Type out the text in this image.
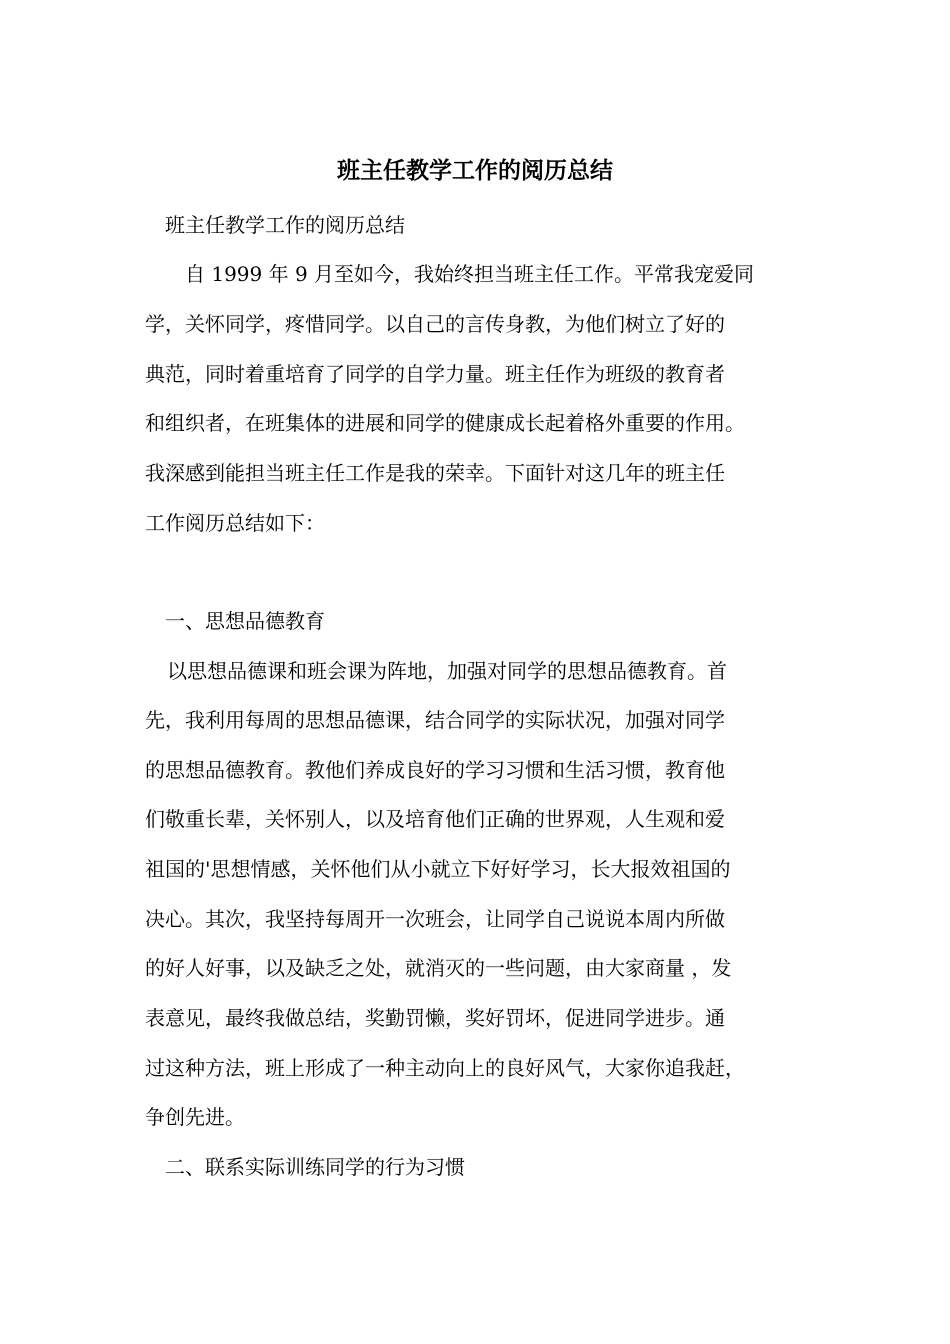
班主任教学工作的阅历总结
班主任教学工作的阅历总结
自 1999 年 9 月至如今，我始终担当班主任工作。平常我宠爱同
学，关怀同学，疼惜同学。以自己的言传身教，为他们树立了好的
典范，同时着重培育了同学的自学力量。班主任作为班级的教育者
和组织者，在班集体的进展和同学的健康成长起着格外重要的作用。
我深感到能担当班主任工作是我的荣幸。下面针对这几年的班主任
工作阅历总结如下：
一、思想品德教育
以思想品德课和班会课为阵地，加强对同学的思想品德教育。首
先，我利用每周的思想品德课，结合同学的实际状况，加强对同学
的思想品德教育。教他们养成良好的学习习惯和生活习惯，教育他
们敬重长辈，关怀别人，以及培育他们正确的世界观，人生观和爱
祖国的'思想情感，关怀他们从小就立下好好学习，长大报效祖国的
决心。其次，我坚持每周开一次班会，让同学自己说说本周内所做
的好人好事，以及缺乏之处，就消灭的一些问题，由大家商量 ，发
表意见，最终我做总结，奖勤罚懒，奖好罚坏，促进同学进步。通
过这种方法，班上形成了一种主动向上的良好风气，大家你追我赶，
争创先进。
二、联系实际训练同学的行为习惯
